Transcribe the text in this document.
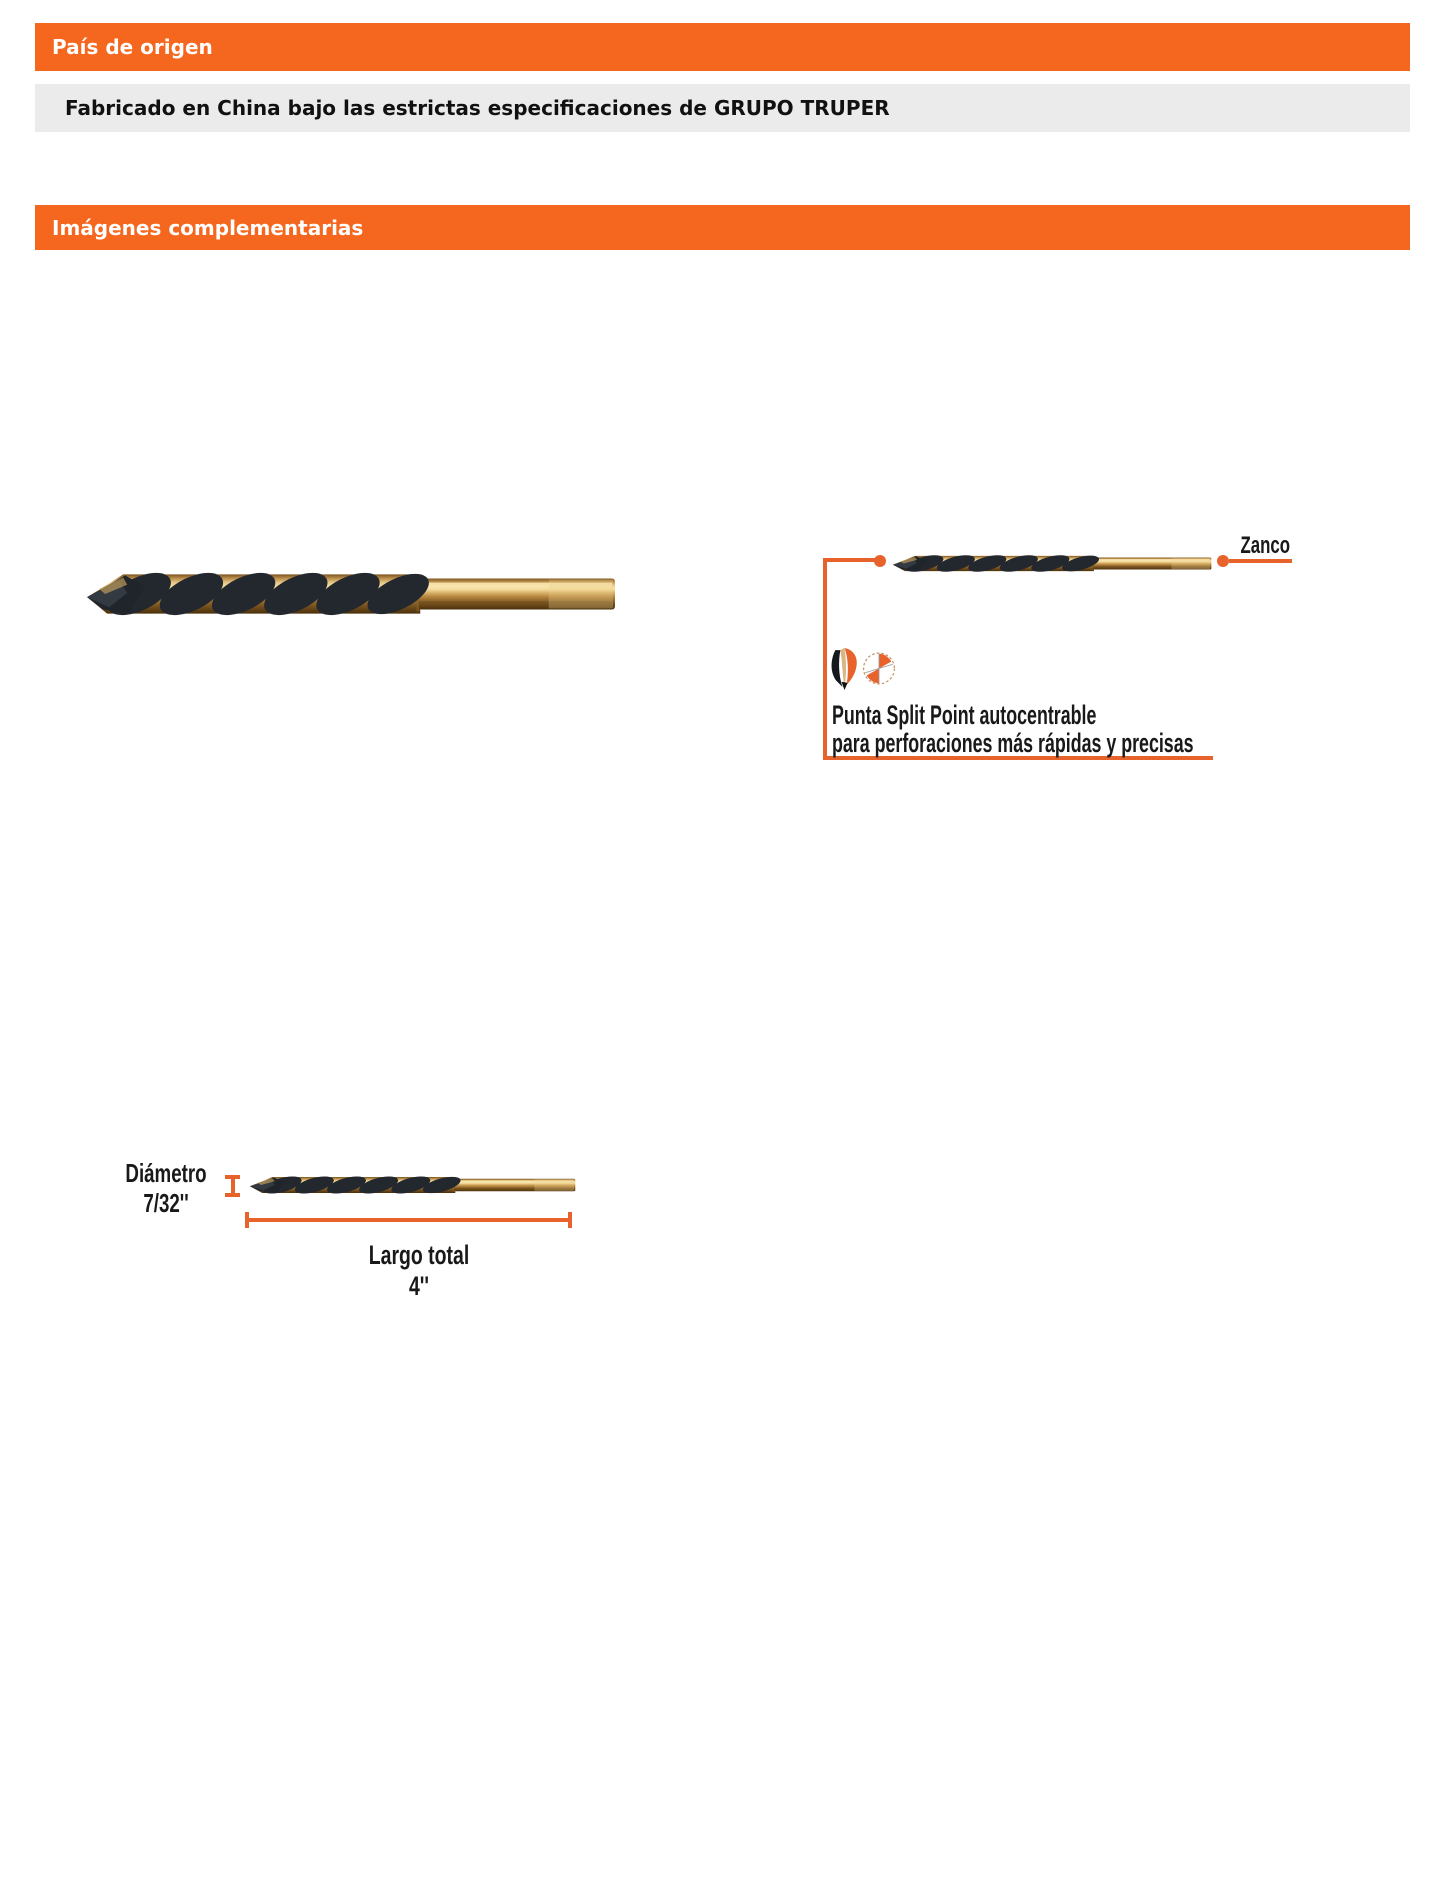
País de origen
Fabricado en China bajo las estrictas especificaciones de GRUPO TRUPER
Imágenes complementarias
Zanco
Punta Split Point autocentrable
para perforaciones más rápidas y precisas
Diámetro
7/32''
Largo total
4''
